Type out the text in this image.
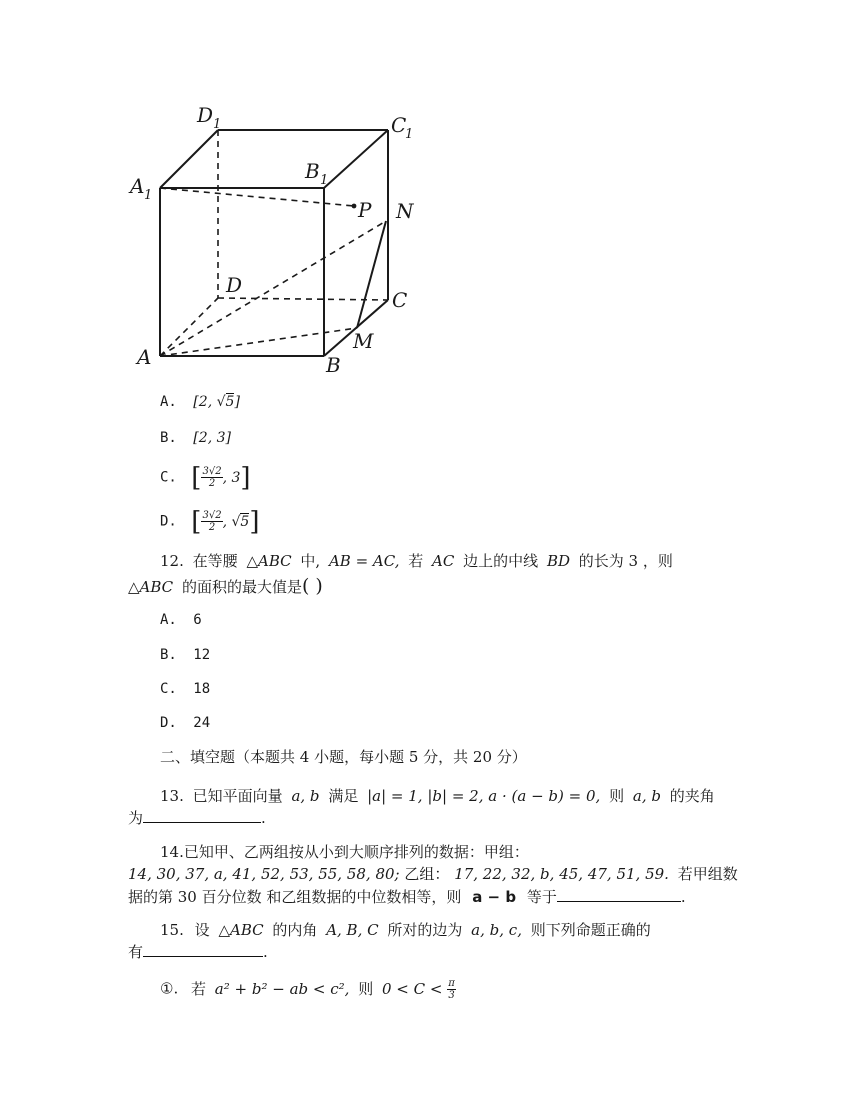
D 1	C
1
A 1
B 1
P N
D
C
A	B
M
A. [2, √5]
B. [2, 3]
C. [ $\frac{3√2}{2}$ , 3]
D. [ $\frac{3√2}{2}$ , √5]
12. 在等腰 △ABC 中, AB = AC, 若 AC 边上的中线 BD 的长为 3 ，则
△ABC 的面积的最大值是( )
A. 6
B. 12
C. 18
D. 24
二、填空题（本题共 4 小题，每小题 5 分，共 20 分）
13. 已知平面向量 a, b 满足 |a| = 1, |b| = 2, a · (a − b) = 0, 则 a, b 的夹角
为	.
14.已知甲、乙两组按从小到大顺序排列的数据：甲组：
14, 30, 37, a, 41, 52, 53, 55, 58, 80; 乙组： 17, 22, 32, b, 45, 47, 51, 59. 若甲组数
据的第 30 百分位数 和乙组数据的中位数相等，则 a − b 等于	.
15. 设 △ABC 的内角 A, B, C 所对的边为 a, b, c, 则下列命题正确的
有	.
①. 若 a² + b² − ab < c², 则 $0 < C < \frac{\pi}{3}$
